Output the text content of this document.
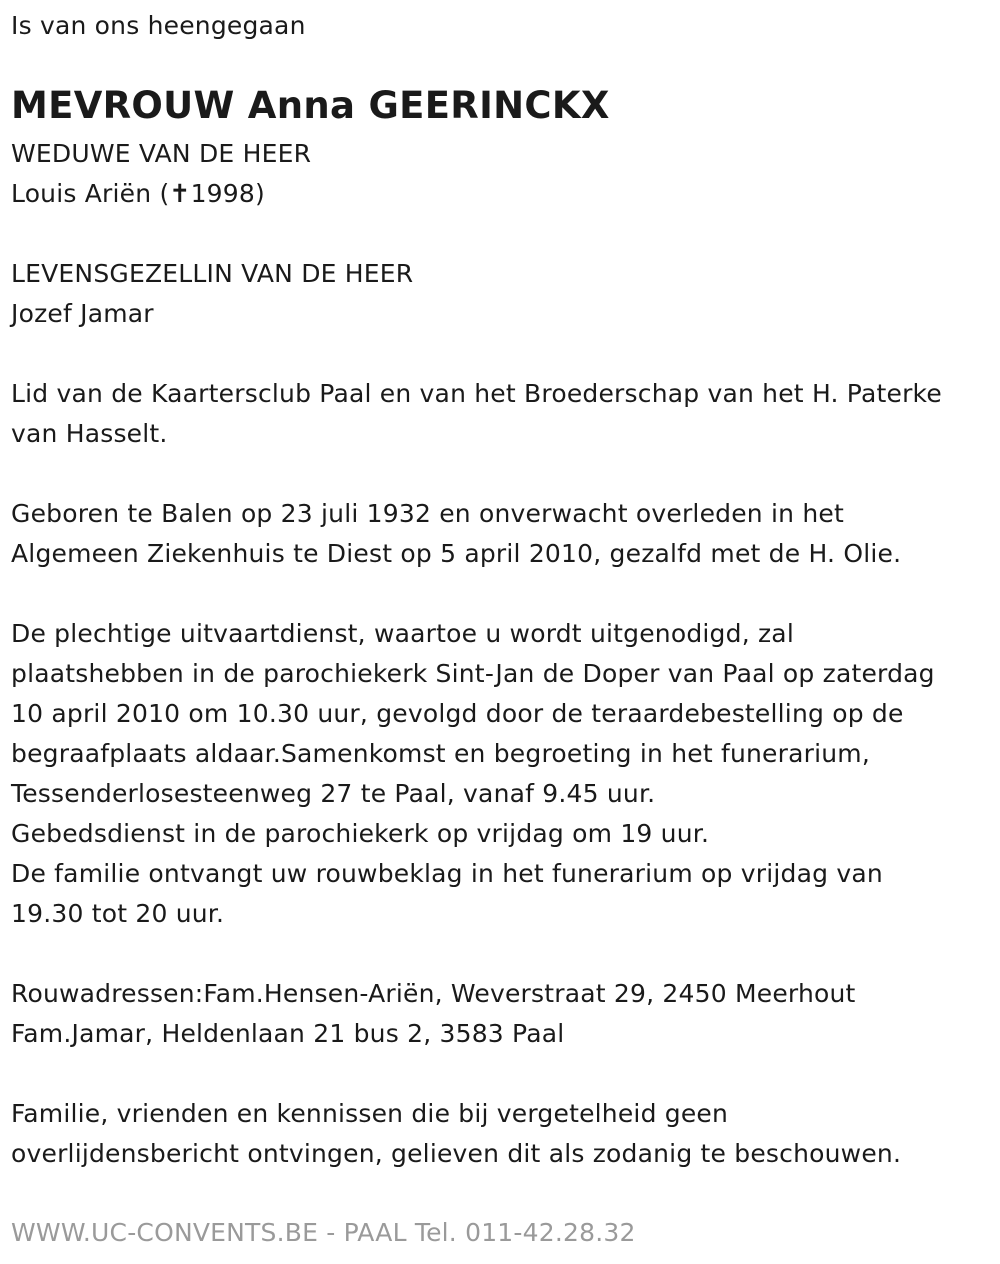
Is van ons heengegaan
MEVROUW Anna GEERINCKX
WEDUWE VAN DE HEER
Louis Ariën (✝1998)
LEVENSGEZELLIN VAN DE HEER
Jozef Jamar
Lid van de Kaartersclub Paal en van het Broederschap van het H. Paterke
van Hasselt.
Geboren te Balen op 23 juli 1932 en onverwacht overleden in het
Algemeen Ziekenhuis te Diest op 5 april 2010, gezalfd met de H. Olie.
De plechtige uitvaartdienst, waartoe u wordt uitgenodigd, zal
plaatshebben in de parochiekerk Sint-Jan de Doper van Paal op zaterdag
10 april 2010 om 10.30 uur, gevolgd door de teraardebestelling op de
begraafplaats aldaar.Samenkomst en begroeting in het funerarium,
Tessenderlosesteenweg 27 te Paal, vanaf 9.45 uur.
Gebedsdienst in de parochiekerk op vrijdag om 19 uur.
De familie ontvangt uw rouwbeklag in het funerarium op vrijdag van
19.30 tot 20 uur.
Rouwadressen:Fam.Hensen-Ariën, Weverstraat 29, 2450 Meerhout
Fam.Jamar, Heldenlaan 21 bus 2, 3583 Paal
Familie, vrienden en kennissen die bij vergetelheid geen
overlijdensbericht ontvingen, gelieven dit als zodanig te beschouwen.
WWW.UC-CONVENTS.BE - PAAL Tel. 011-42.28.32
